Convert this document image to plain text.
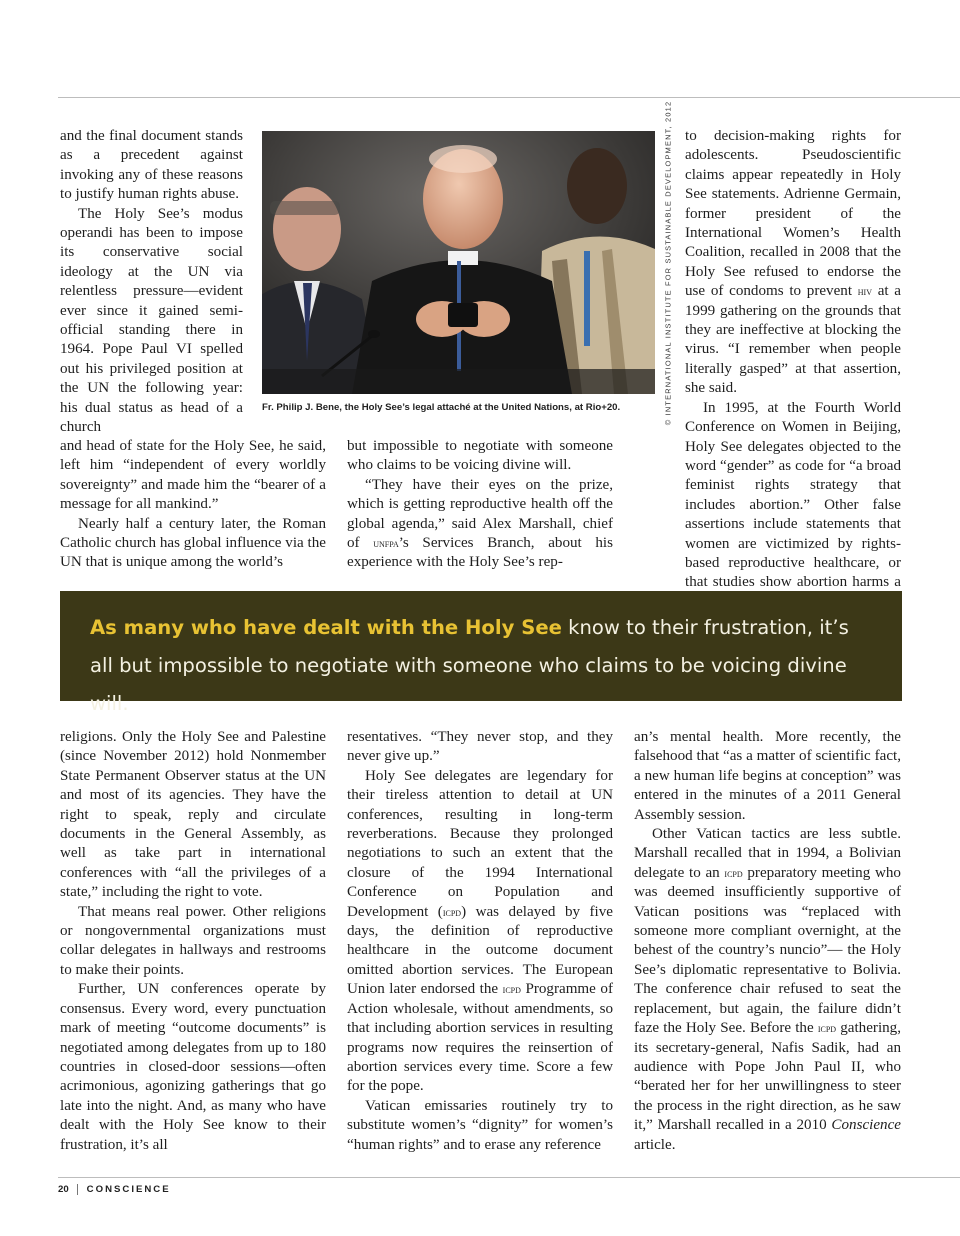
and the final document stands as a precedent against invoking any of these reasons to justify human rights abuse.

The Holy See’s modus operandi has been to impose its conservative social ideology at the UN via relentless pressure—evident ever since it gained semi-official standing there in 1964. Pope Paul VI spelled out his privileged position at the UN the following year: his dual status as head of a church

Fr. Philip J. Bene, the Holy See’s legal attaché at the United Nations, at Rio+20.	© INTERNATIONAL INSTITUTE FOR SUSTAINABLE DEVELOPMENT, 2012 to decision-making rights for adolescents. Pseudoscientific claims appear repeatedly in Holy See statements. Adrienne Germain, former president of the International Women’s Health Coalition, recalled in 2008 that the Holy See refused to endorse the use of condoms to prevent hiv at a 1999 gathering on the grounds that they are ineffective at blocking the virus. “I remember when people literally gasped” at that assertion, she said.

In 1995, at the Fourth World Conference on Women in Beijing, Holy See delegates objected to the word “gender” as code for “a broad feminist rights strategy that includes abortion.” Other false assertions include statements that women are victimized by rights-based reproductive healthcare, or that studies show abortion harms a

and head of state for the Holy See, he said, left him “independent of every worldly sovereignty” and made him the “bearer of a message for all mankind.”

Nearly half a century later, the Roman Catholic church has global influence via the UN that is unique among the world’s

but impossible to negotiate with someone who claims to be voicing divine will.

“They have their eyes on the prize, which is getting reproductive health off the global agenda,” said Alex Marshall, chief of unfpa’s Services Branch, about his experience with the Holy See’s rep-

As many who have dealt with the Holy See know to their frustration, it’s all but impossible to negotiate with someone who claims to be voicing divine will.

religions. Only the Holy See and Palestine (since November 2012) hold Nonmember State Permanent Observer status at the UN and most of its agencies. They have the right to speak, reply and circulate documents in the General Assembly, as well as take part in international conferences with “all the privileges of a state,” including the right to vote.

That means real power. Other religions or nongovernmental organizations must collar delegates in hallways and restrooms to make their points.

Further, UN conferences operate by consensus. Every word, every punctuation mark of meeting “outcome documents” is negotiated among delegates from up to 180 countries in closed-door sessions—often acrimonious, agonizing gatherings that go late into the night. And, as many who have dealt with the Holy See know to their frustration, it’s all

resentatives. “They never stop, and they never give up.”

Holy See delegates are legendary for their tireless attention to detail at UN conferences, resulting in long-term reverberations. Because they prolonged negotiations to such an extent that the closure of the 1994 International Conference on Population and Development (icpd) was delayed by five days, the definition of reproductive healthcare in the outcome document omitted abortion services. The European Union later endorsed the icpd Programme of Action wholesale, without amendments, so that including abortion services in resulting programs now requires the reinsertion of abortion services every time. Score a few for the pope.

Vatican emissaries routinely try to substitute women’s “dignity” for women’s “human rights” and to erase any reference

an’s mental health. More recently, the falsehood that “as a matter of scientific fact, a new human life begins at conception” was entered in the minutes of a 2011 General Assembly session.

Other Vatican tactics are less subtle. Marshall recalled that in 1994, a Bolivian delegate to an icpd preparatory meeting who was deemed insufficiently supportive of Vatican positions was “replaced with someone more compliant overnight, at the behest of the country’s nuncio”— the Holy See’s diplomatic representative to Bolivia. The conference chair refused to seat the replacement, but again, the failure didn’t faze the Holy See. Before the icpd gathering, its secretary-general, Nafis Sadik, had an audience with Pope John Paul II, who “berated her for her unwillingness to steer the process in the right direction, as he saw it,” Marshall recalled in a 2010 Conscience article.

20	CONSCIENCE
